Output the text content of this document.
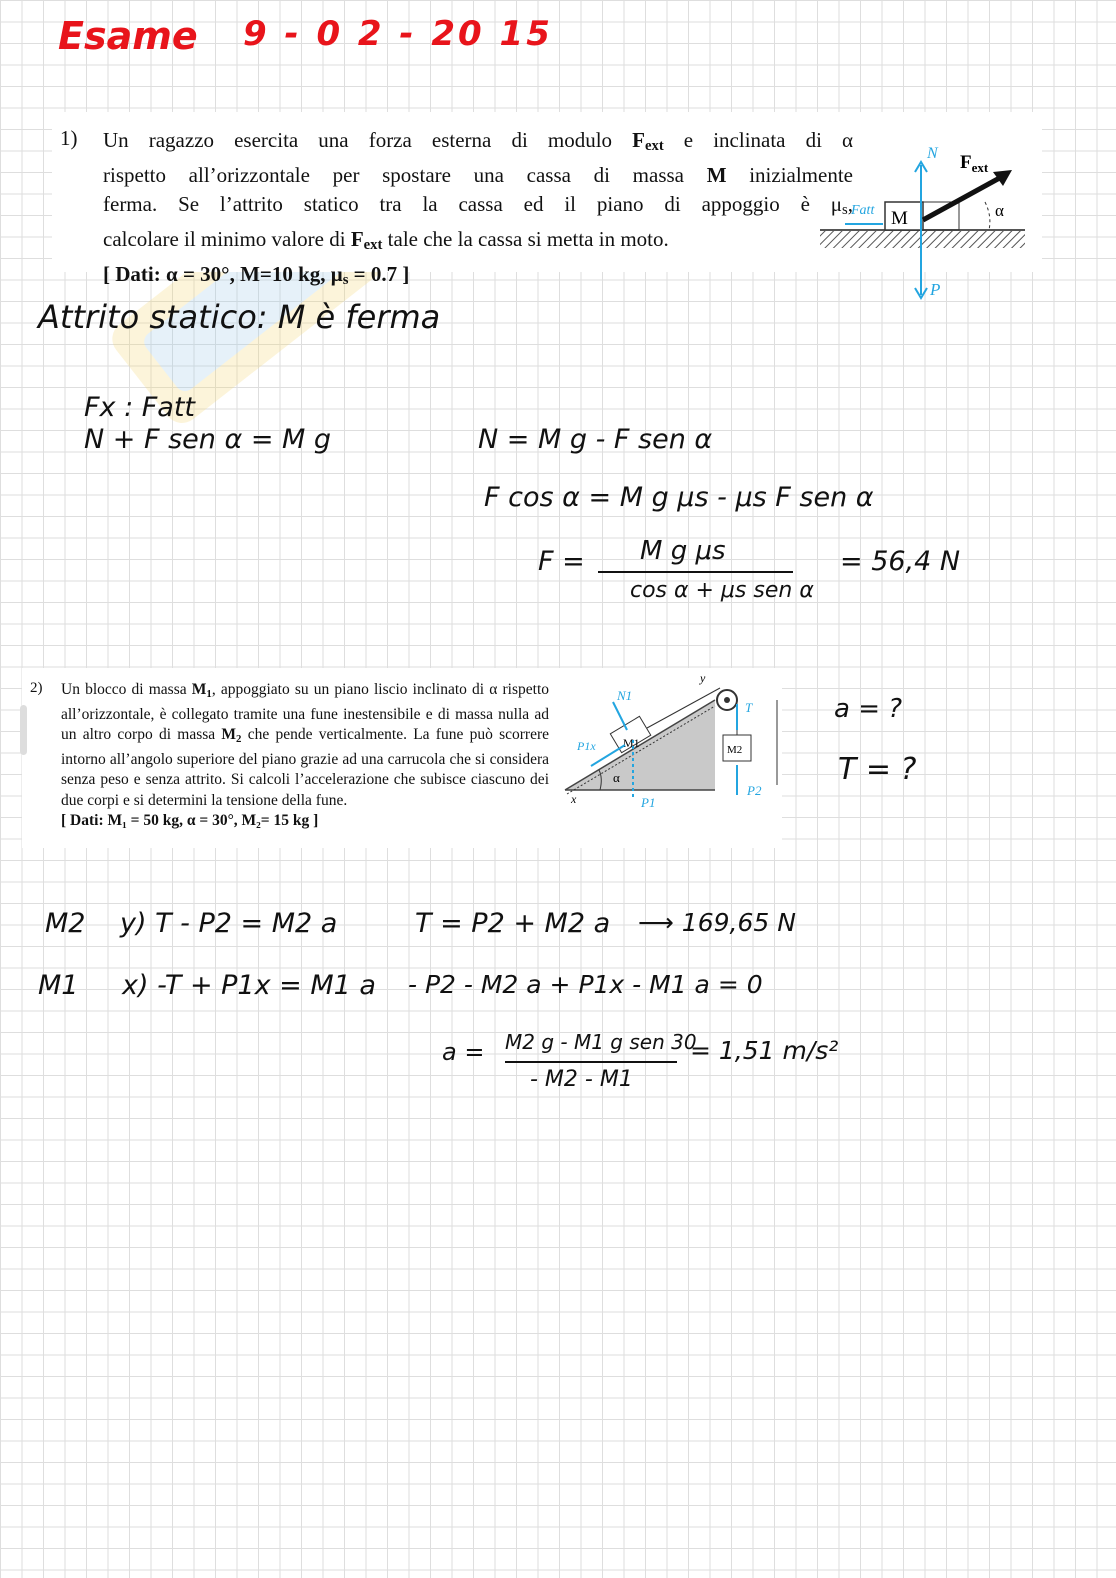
Esame 9 - 0 2 - 20 15
1) Un ragazzo esercita una forza esterna di modulo $F_{ext}$ e inclinata di α
rispetto all’orizzontale per spostare una cassa di massa M inizialmente
ferma. Se l’attrito statico tra la cassa ed il piano di appoggio è $\mu_s$,
calcolare il minimo valore di $F_{ext}$ tale che la cassa si metta in moto.
[ Dati: α = 30°, M=10 kg, $\mu_s = 0.7$ ]
M
$F_{ext}$
α
N
P
Fatt
Attrito statico: M è ferma
Fx : Fatt
N + F sen α = M g	N = M g - F sen α
F cos α = M g μs - μs F sen α
F = M g μs
cos α + μs sen α
= 56,4 N
2) Un blocco di massa $M_1$, appoggiato su un piano liscio inclinato di α rispetto all’orizzontale, è collegato tramite una fune inestensibile e di massa nulla ad un altro corpo di massa $M_2$ che pende verticalmente. La fune può scorrere intorno all’angolo superiore del piano grazie ad una carrucola che si considera senza peso e senza attrito. Si calcoli l’accelerazione che subisce ciascuno dei due corpi e si determini la tensione della fune.
[ Dati: M₁ = 50 kg, α = 30°, M₂= 15 kg ]
M1	M2
α
y
x
N1
P1
P1x
P2
T	a = ?
T = ?
M2 y) T - P2 = M2 a	T = P2 + M2 a ⟶ 169,65 N
M1 x) -T + P1x = M1 a - P2 - M2 a + P1x - M1 a = 0
a = M2 g - M1 g sen 30
- M2 - M1
= 1,51 m/s²
